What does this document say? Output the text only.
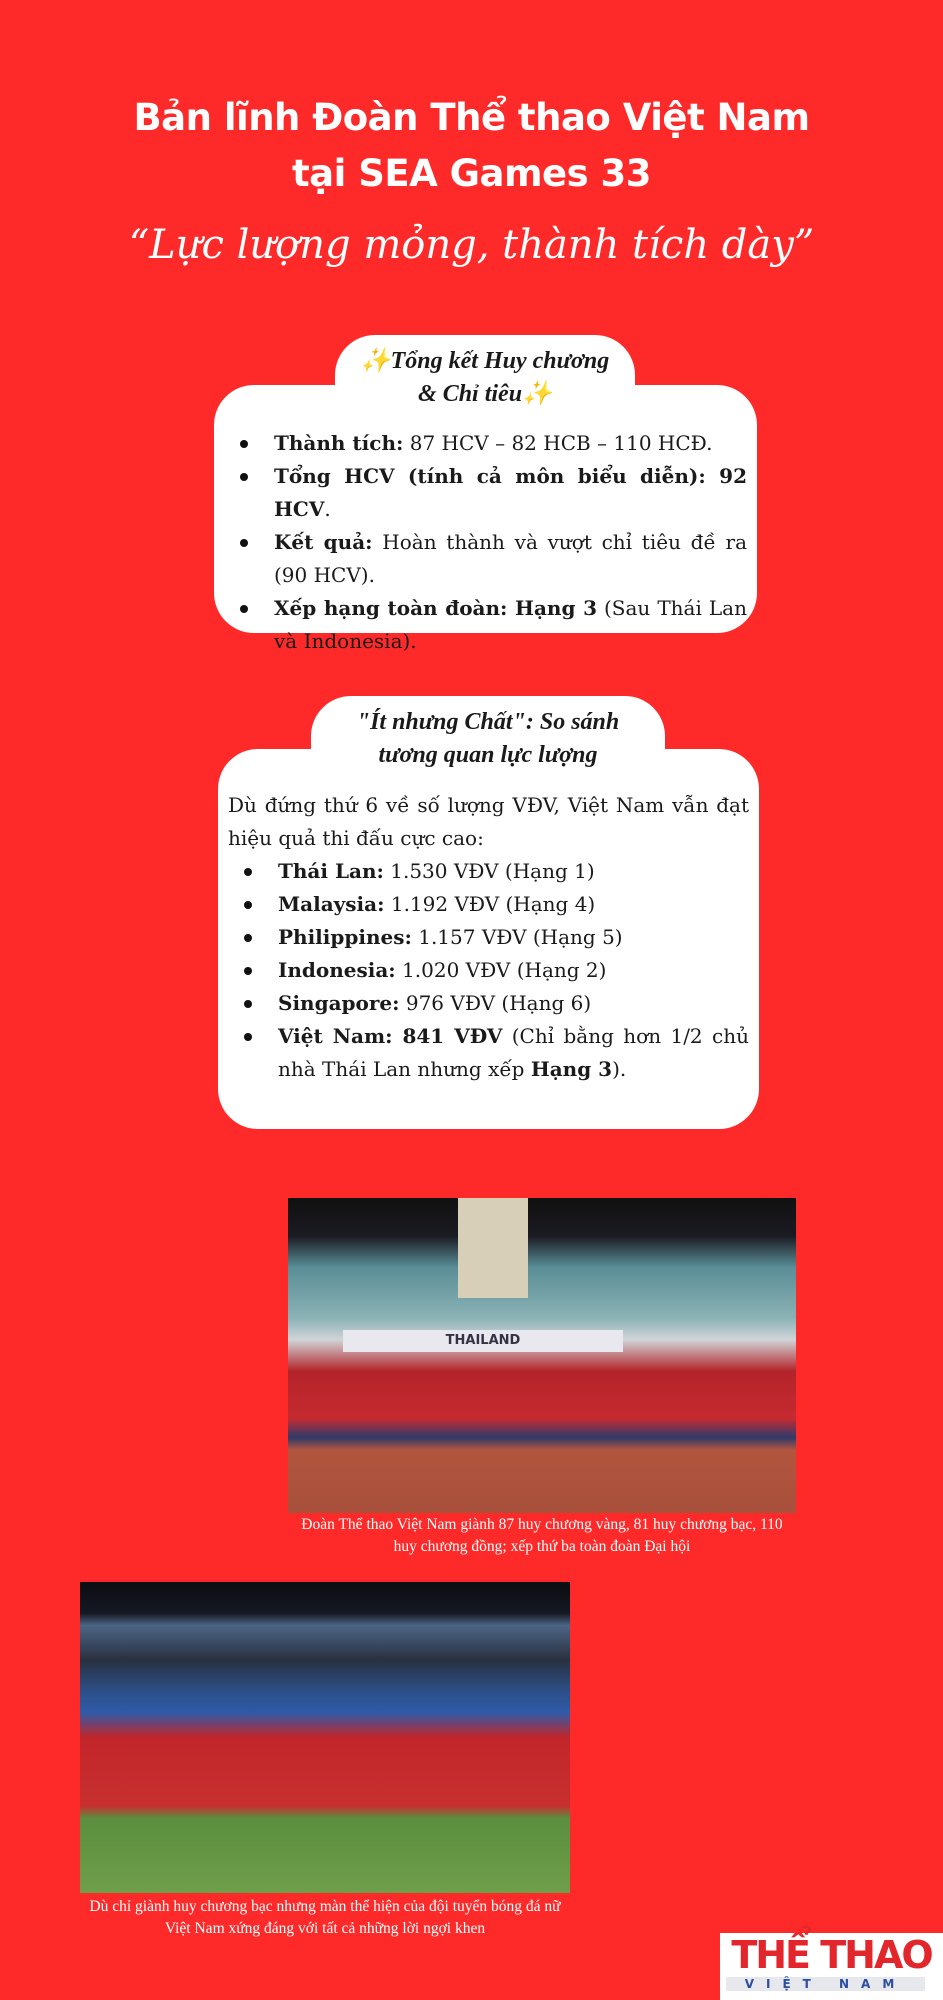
Bản lĩnh Đoàn Thể thao Việt Nam
tại SEA Games 33
“Lực lượng mỏng, thành tích dày”
✨Tổng kết Huy chương
& Chỉ tiêu✨
Thành tích: 87 HCV – 82 HCB – 110 HCĐ.
Tổng HCV (tính cả môn biểu diễn): 92 HCV.
Kết quả: Hoàn thành và vượt chỉ tiêu đề ra (90 HCV).
Xếp hạng toàn đoàn: Hạng 3 (Sau Thái Lan và Indonesia).
"Ít nhưng Chất": So sánh
tương quan lực lượng
Dù đứng thứ 6 về số lượng VĐV, Việt Nam vẫn đạt hiệu quả thi đấu cực cao:
Thái Lan: 1.530 VĐV (Hạng 1)
Malaysia: 1.192 VĐV (Hạng 4)
Philippines: 1.157 VĐV (Hạng 5)
Indonesia: 1.020 VĐV (Hạng 2)
Singapore: 976 VĐV (Hạng 6)
Việt Nam: 841 VĐV (Chỉ bằng hơn 1/2 chủ nhà Thái Lan nhưng xếp Hạng 3).
THAILAND
Đoàn Thể thao Việt Nam giành 87 huy chương vàng, 81 huy chương bạc, 110 huy chương đồng; xếp thứ ba toàn đoàn Đại hội
Dù chỉ giành huy chương bạc nhưng màn thể hiện của đội tuyển bóng đá nữ Việt Nam xứng đáng với tất cả những lời ngợi khen
THỂ THAO
VIỆT NAM
